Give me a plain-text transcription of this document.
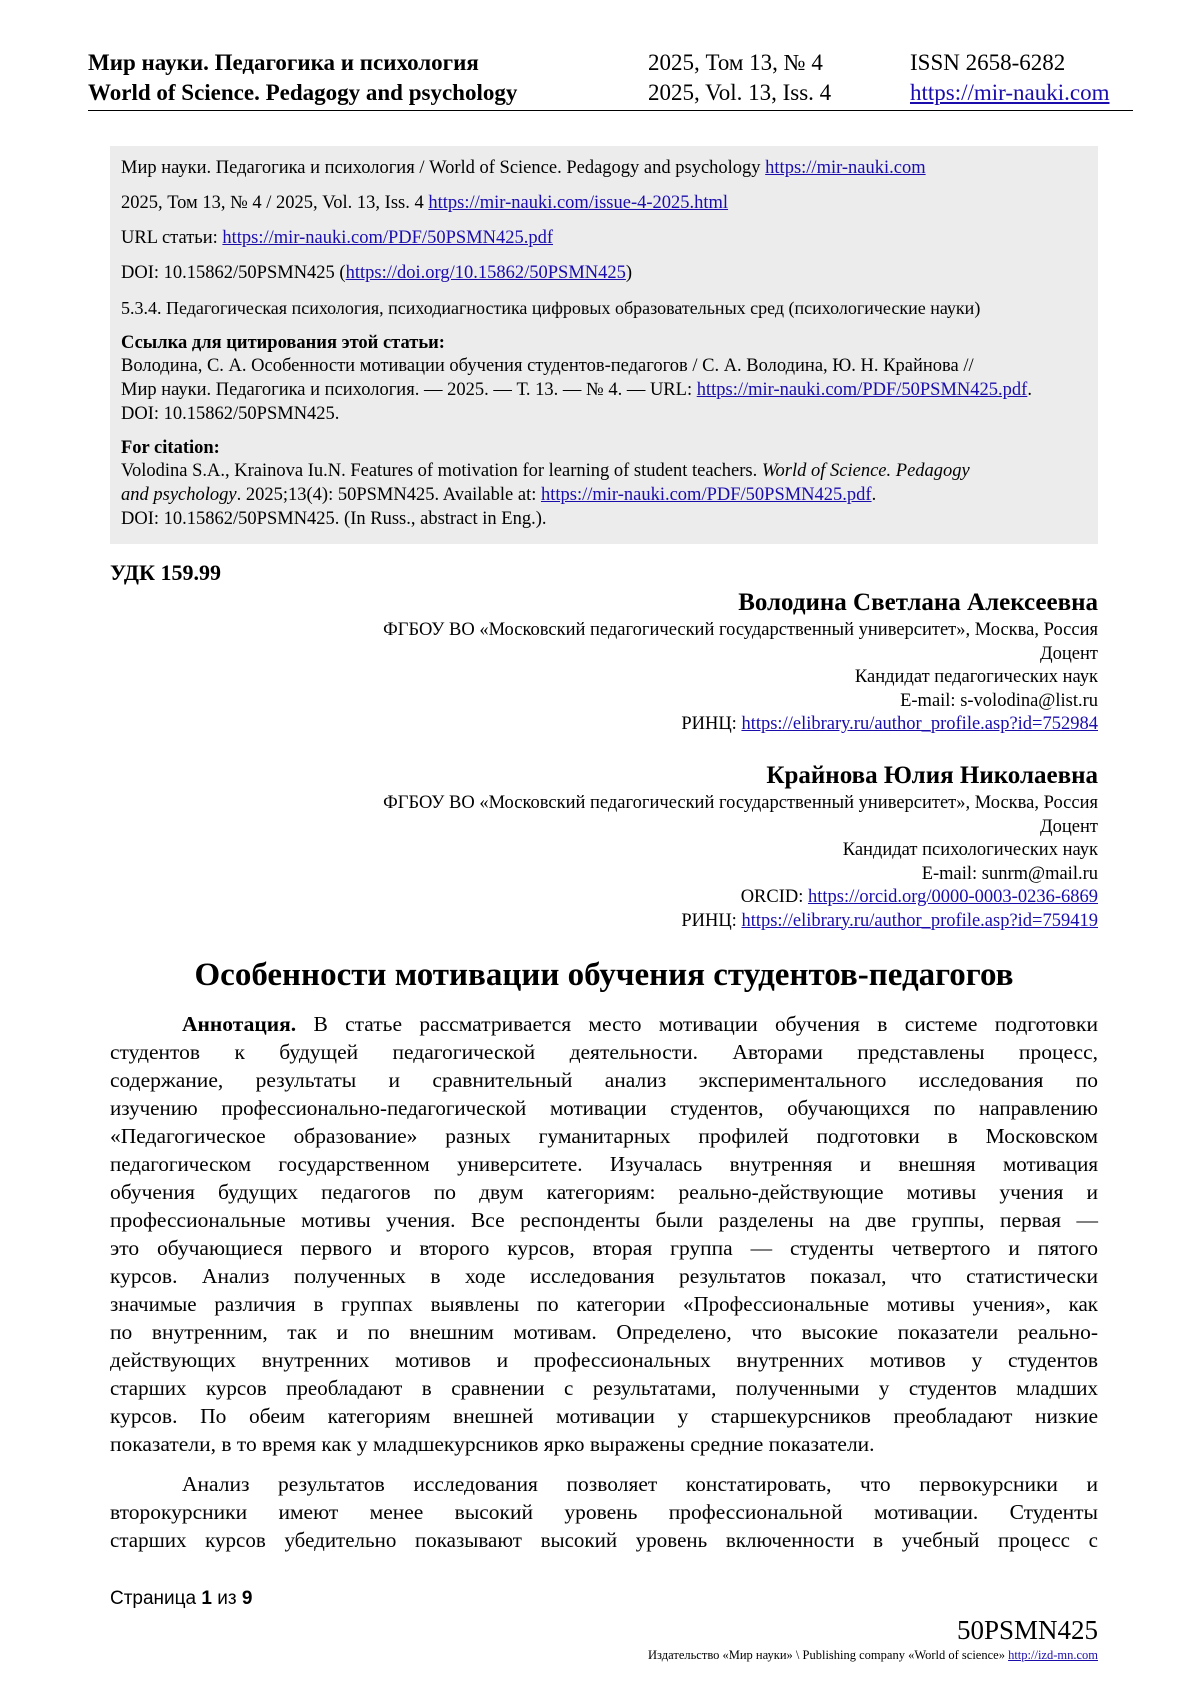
Мир науки. Педагогика и психология
World of Science. Pedagogy and psychology
2025, Том 13, № 4
2025, Vol. 13, Iss. 4
ISSN 2658-6282
https://mir-nauki.com
Мир науки. Педагогика и психология / World of Science. Pedagogy and psychology https://mir-nauki.com
2025, Том 13, № 4 / 2025, Vol. 13, Iss. 4 https://mir-nauki.com/issue-4-2025.html
URL статьи: https://mir-nauki.com/PDF/50PSMN425.pdf
DOI: 10.15862/50PSMN425 (https://doi.org/10.15862/50PSMN425)
5.3.4. Педагогическая психология, психодиагностика цифровых образовательных сред (психологические науки)
Ссылка для цитирования этой статьи:
Володина, С. А. Особенности мотивации обучения студентов-педагогов / С. А. Володина, Ю. Н. Крайнова //
Мир науки. Педагогика и психология. — 2025. — Т. 13. — № 4. — URL: https://mir-nauki.com/PDF/50PSMN425.pdf.
DOI: 10.15862/50PSMN425.
For citation:
Volodina S.A., Krainova Iu.N. Features of motivation for learning of student teachers. World of Science. Pedagogy
and psychology. 2025;13(4): 50PSMN425. Available at: https://mir-nauki.com/PDF/50PSMN425.pdf.
DOI: 10.15862/50PSMN425. (In Russ., abstract in Eng.).
УДК 159.99
Володина Светлана Алексеевна
ФГБОУ ВО «Московский педагогический государственный университет», Москва, Россия
Доцент
Кандидат педагогических наук
E-mail: s-volodina@list.ru
РИНЦ: https://elibrary.ru/author_profile.asp?id=752984
Крайнова Юлия Николаевна
ФГБОУ ВО «Московский педагогический государственный университет», Москва, Россия
Доцент
Кандидат психологических наук
E-mail: sunrm@mail.ru
ORCID: https://orcid.org/0000-0003-0236-6869
РИНЦ: https://elibrary.ru/author_profile.asp?id=759419
Особенности мотивации обучения студентов-педагогов

Аннотация. В статье рассматривается место мотивации обучения в системе подготовки
студентов к будущей педагогической деятельности. Авторами представлены процесс,
содержание, результаты и сравнительный анализ экспериментального исследования по
изучению профессионально-педагогической мотивации студентов, обучающихся по направлению
«Педагогическое образование» разных гуманитарных профилей подготовки в Московском
педагогическом государственном университете. Изучалась внутренняя и внешняя мотивация
обучения будущих педагогов по двум категориям: реально-действующие мотивы учения и
профессиональные мотивы учения. Все респонденты были разделены на две группы, первая —
это обучающиеся первого и второго курсов, вторая группа — студенты четвертого и пятого
курсов. Анализ полученных в ходе исследования результатов показал, что статистически
значимые различия в группах выявлены по категории «Профессиональные мотивы учения», как
по внутренним, так и по внешним мотивам. Определено, что высокие показатели реально-
действующих внутренних мотивов и профессиональных внутренних мотивов у студентов
старших курсов преобладают в сравнении с результатами, полученными у студентов младших
курсов. По обеим категориям внешней мотивации у старшекурсников преобладают низкие
показатели, в то время как у младшекурсников ярко выражены средние показатели.

Анализ результатов исследования позволяет констатировать, что первокурсники и
второкурсники имеют менее высокий уровень профессиональной мотивации. Студенты
старших курсов убедительно показывают высокий уровень включенности в учебный процесс с

Страница 1 из 9
50PSMN425
Издательство «Мир науки» \ Publishing company «World of science» http://izd-mn.com
